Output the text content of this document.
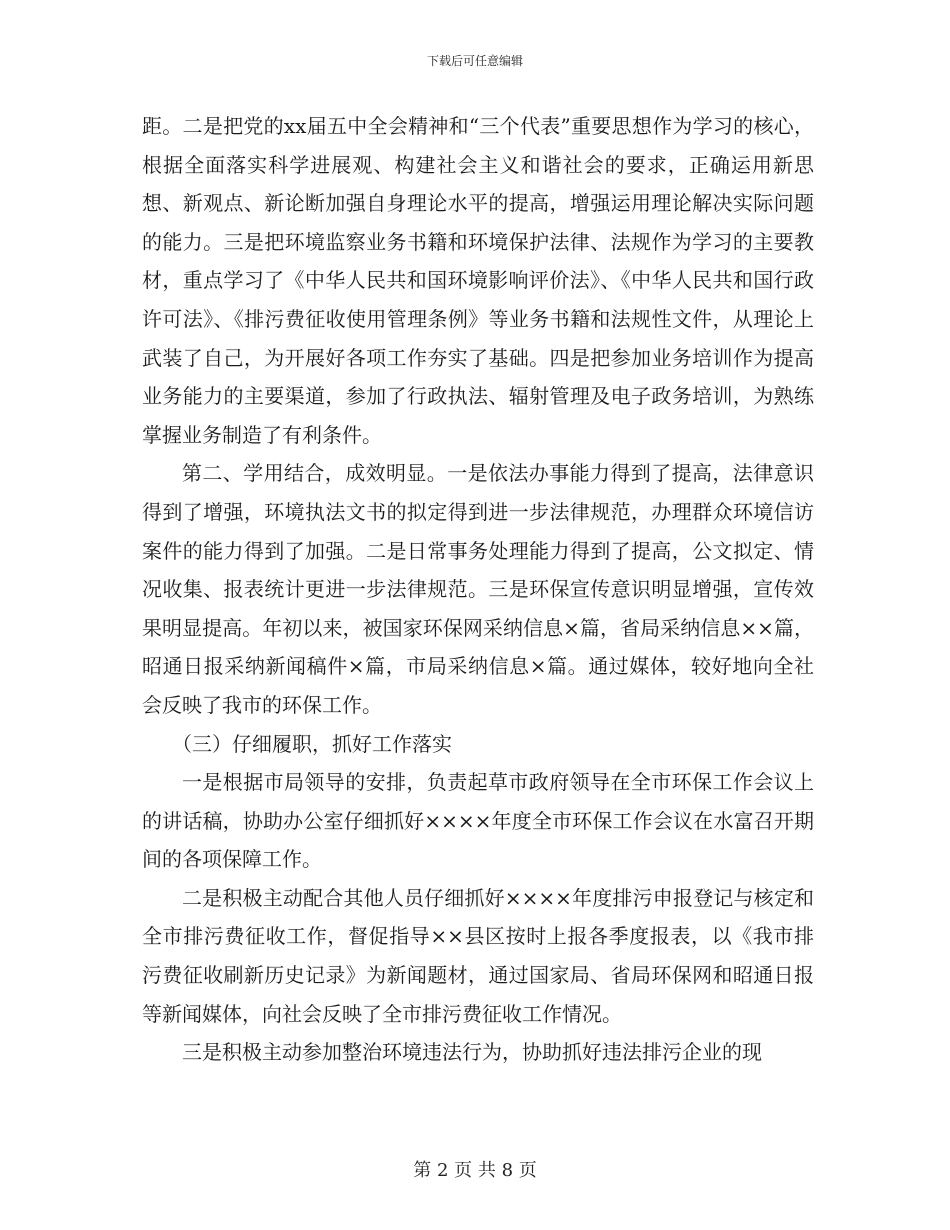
下载后可任意编辑

距。二是把党的xx届五中全会精神和“三个代表”重要思想作为学习的核心，根据全面落实科学进展观、构建社会主义和谐社会的要求，正确运用新思想、新观点、新论断加强自身理论水平的提高，增强运用理论解决实际问题的能力。三是把环境监察业务书籍和环境保护法律、法规作为学习的主要教材，重点学习了《中华人民共和国环境影响评价法》、《中华人民共和国行政许可法》、《排污费征收使用管理条例》等业务书籍和法规性文件，从理论上武装了自己，为开展好各项工作夯实了基础。四是把参加业务培训作为提高业务能力的主要渠道，参加了行政执法、辐射管理及电子政务培训，为熟练掌握业务制造了有利条件。

第二、学用结合，成效明显。一是依法办事能力得到了提高，法律意识得到了增强，环境执法文书的拟定得到进一步法律规范，办理群众环境信访案件的能力得到了加强。二是日常事务处理能力得到了提高，公文拟定、情况收集、报表统计更进一步法律规范。三是环保宣传意识明显增强，宣传效果明显提高。年初以来，被国家环保网采纳信息×篇，省局采纳信息××篇，昭通日报采纳新闻稿件×篇，市局采纳信息×篇。通过媒体，较好地向全社会反映了我市的环保工作。

（三）仔细履职，抓好工作落实

一是根据市局领导的安排，负责起草市政府领导在全市环保工作会议上的讲话稿，协助办公室仔细抓好××××年度全市环保工作会议在水富召开期间的各项保障工作。

二是积极主动配合其他人员仔细抓好××××年度排污申报登记与核定和全市排污费征收工作，督促指导××县区按时上报各季度报表，以《我市排污费征收刷新历史记录》为新闻题材，通过国家局、省局环保网和昭通日报等新闻媒体，向社会反映了全市排污费征收工作情况。

三是积极主动参加整治环境违法行为，协助抓好违法排污企业的现

第 2 页 共 8 页
